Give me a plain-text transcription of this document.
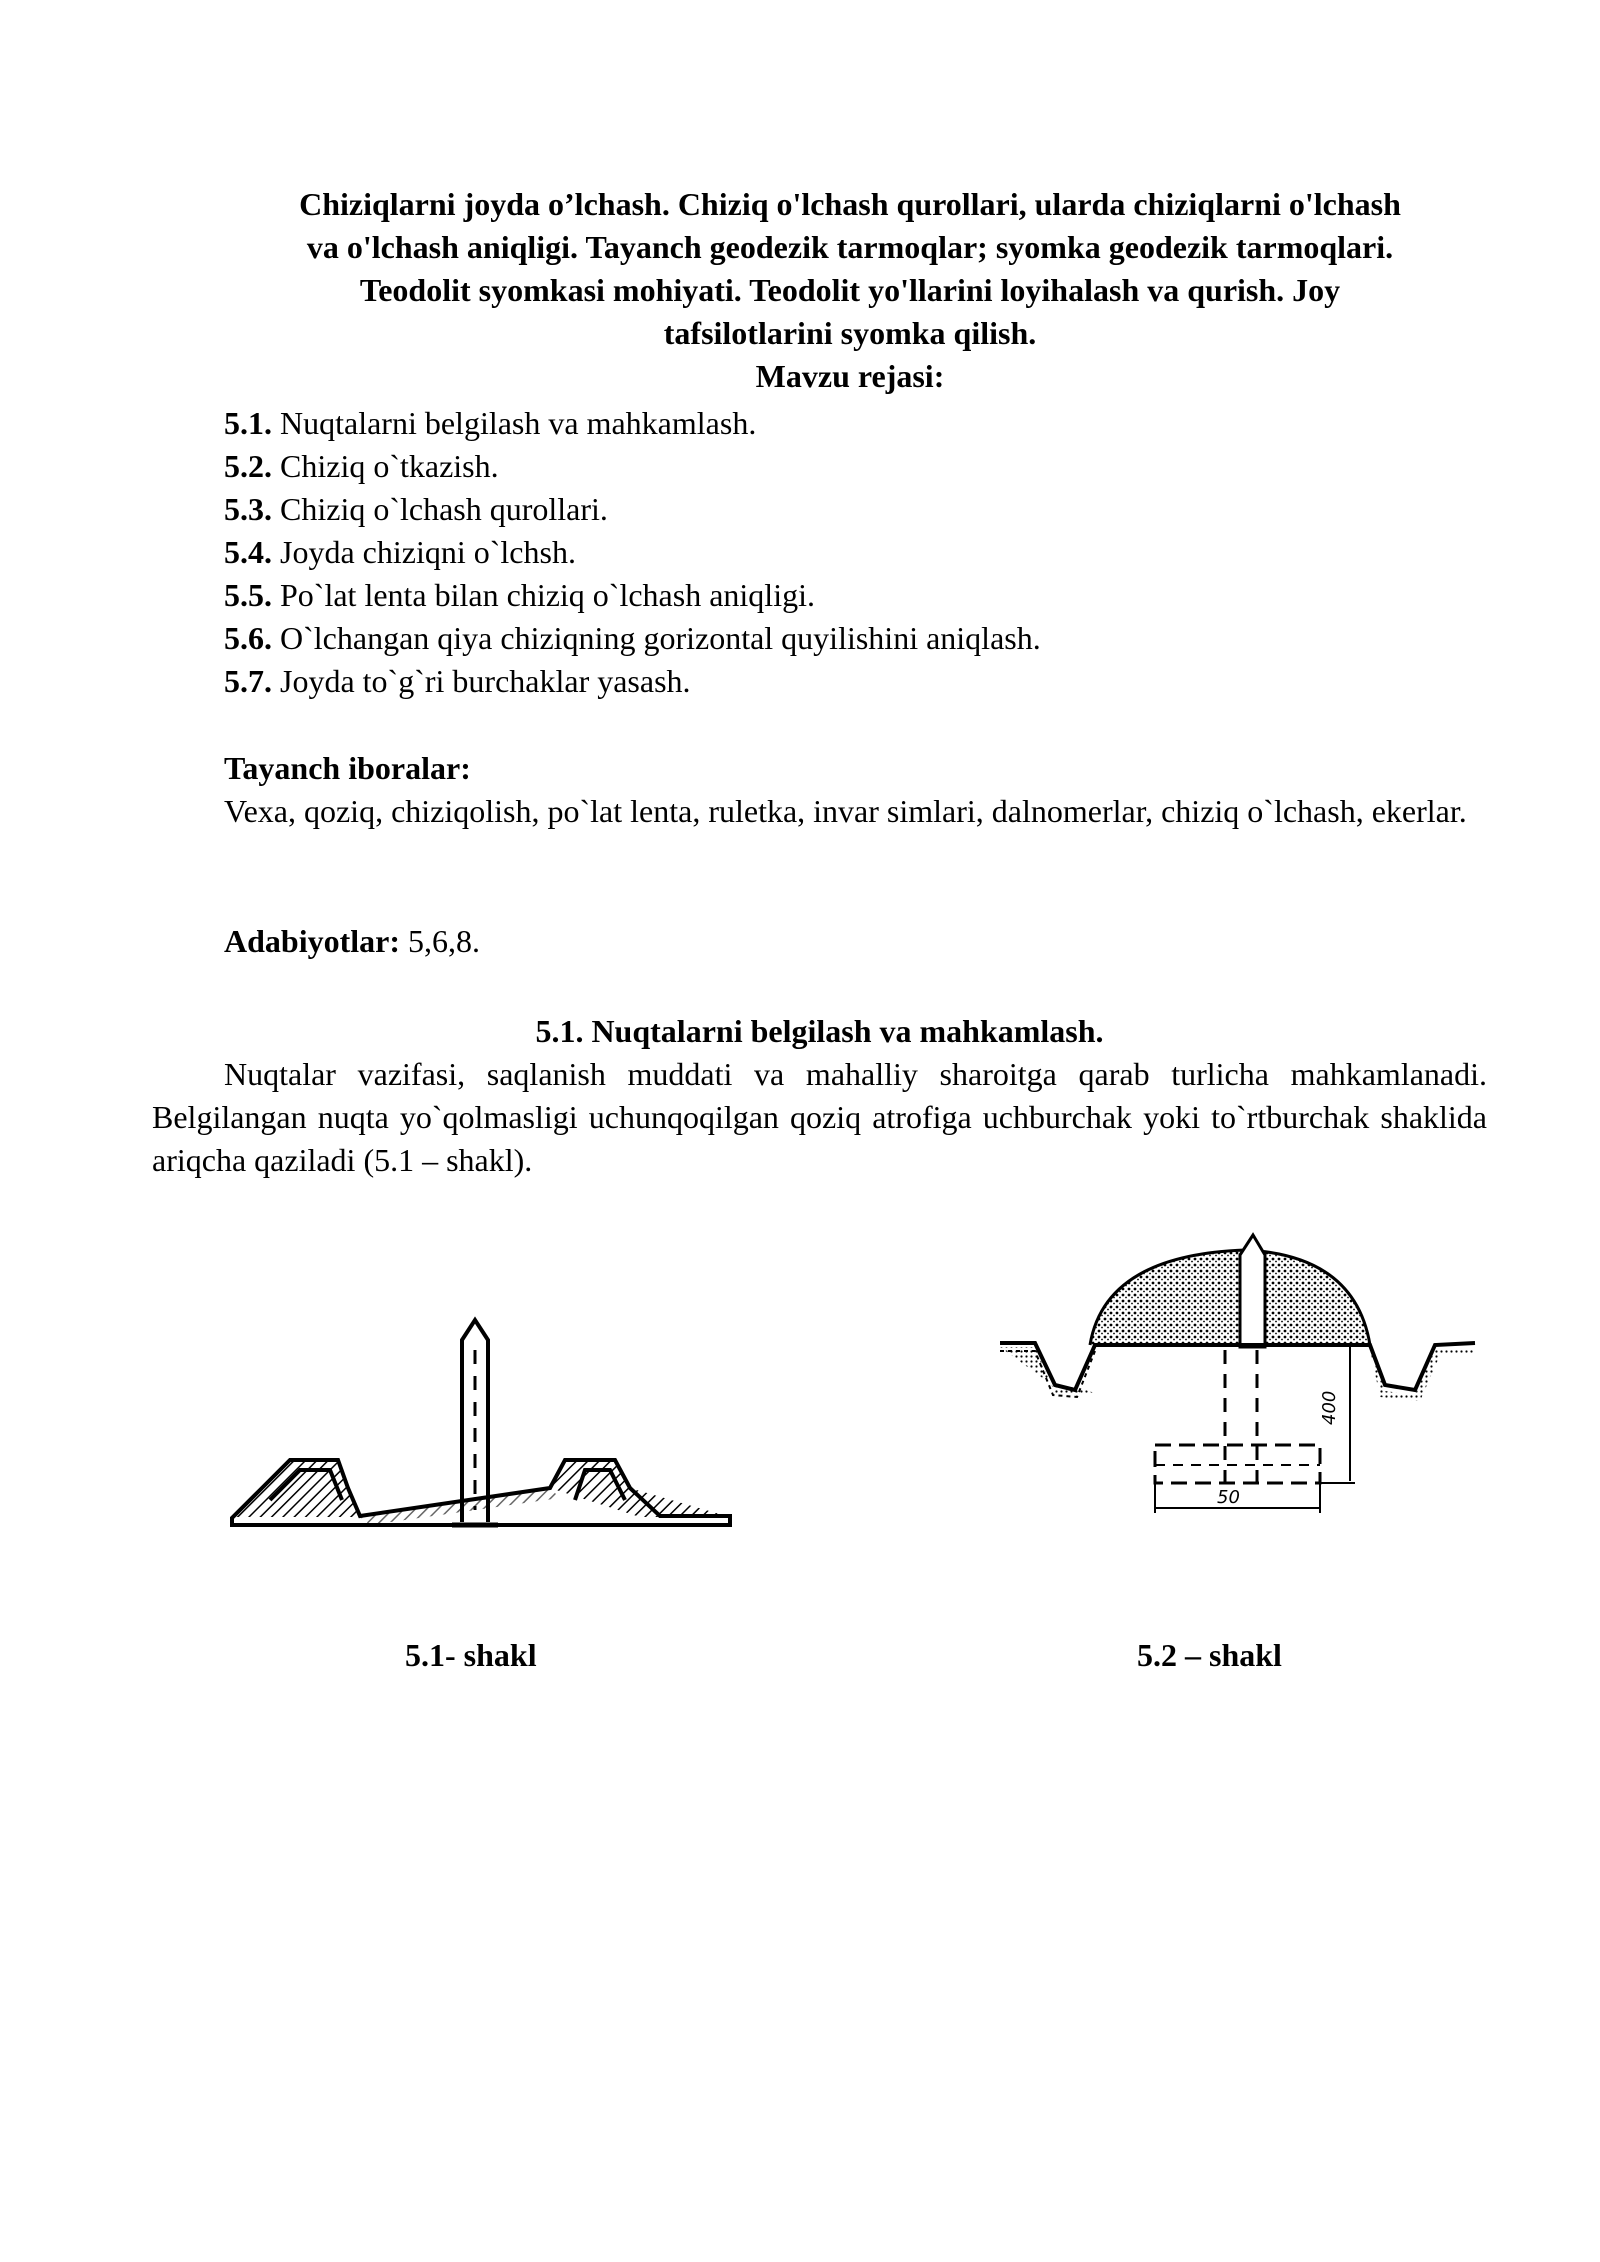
Chiziqlarni joyda o’lchash. Chiziq o'lchash qurollari, ularda chiziqlarni o'lchash
va o'lchash aniqligi. Tayanch geodezik tarmoqlar; syomka geodezik tarmoqlari.
Teodolit syomkasi mohiyati. Teodolit yo'llarini loyihalash va qurish. Joy
tafsilotlarini syomka qilish.
Mavzu rejasi:
5.1. Nuqtalarni belgilash va mahkamlash.
5.2. Chiziq o`tkazish.
5.3. Chiziq o`lchash qurollari.
5.4. Joyda chiziqni o`lchsh.
5.5. Po`lat lenta bilan chiziq o`lchash aniqligi.
5.6. O`lchangan qiya chiziqning gorizontal quyilishini aniqlash.
5.7. Joyda to`g`ri burchaklar yasash.
Tayanch iboralar:
Vexa, qoziq, chiziqolish, po`lat lenta, ruletka, invar simlari, dalnomerlar, chiziq o`lchash, ekerlar.
Adabiyotlar: 5,6,8.
5.1. Nuqtalarni belgilash va mahkamlash.
Nuqtalar vazifasi, saqlanish muddati va mahalliy sharoitga qarab turlicha mahkamlanadi. Belgilangan nuqta yo`qolmasligi uchunqoqilgan qoziq atrofiga uchburchak yoki to`rtburchak shaklida ariqcha qaziladi (5.1 – shakl).
400
50
5.1- shakl	5.2 – shakl
